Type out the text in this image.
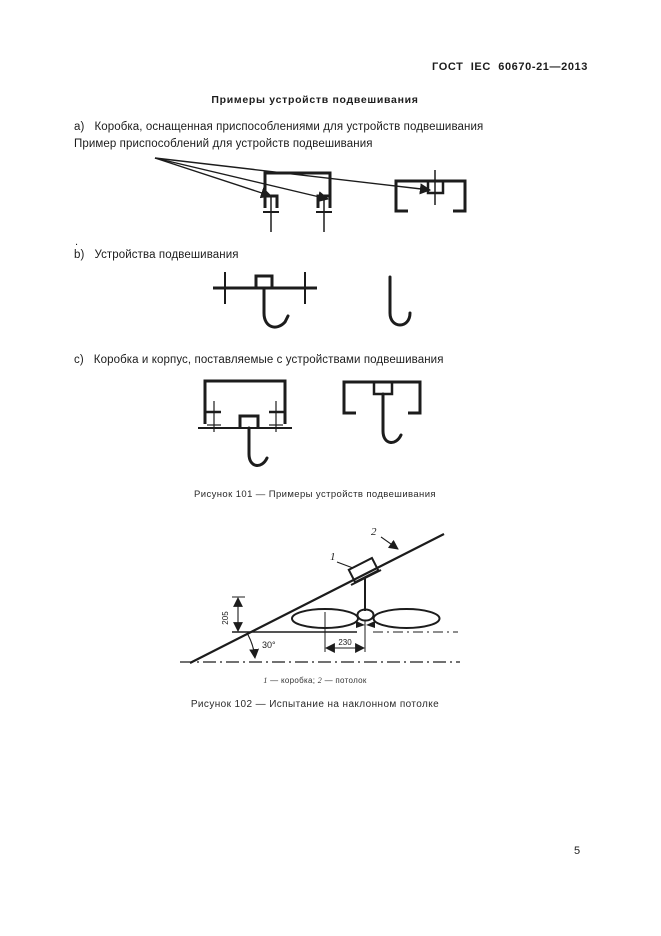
ГОСТ  IEC  60670-21—2013
Примеры устройств подвешивания
a) Коробка, оснащенная приспособлениями для устройств подвешивания
Пример приспособлений для устройств подвешивания
.
b) Устройства подвешивания
c) Коробка и корпус, поставляемые с устройствами подвешивания
Рисунок 101 — Примеры устройств подвешивания
30°
205
1
2
230
1 — коробка; 2 — потолок
Рисунок 102 — Испытание на наклонном потолке
5
